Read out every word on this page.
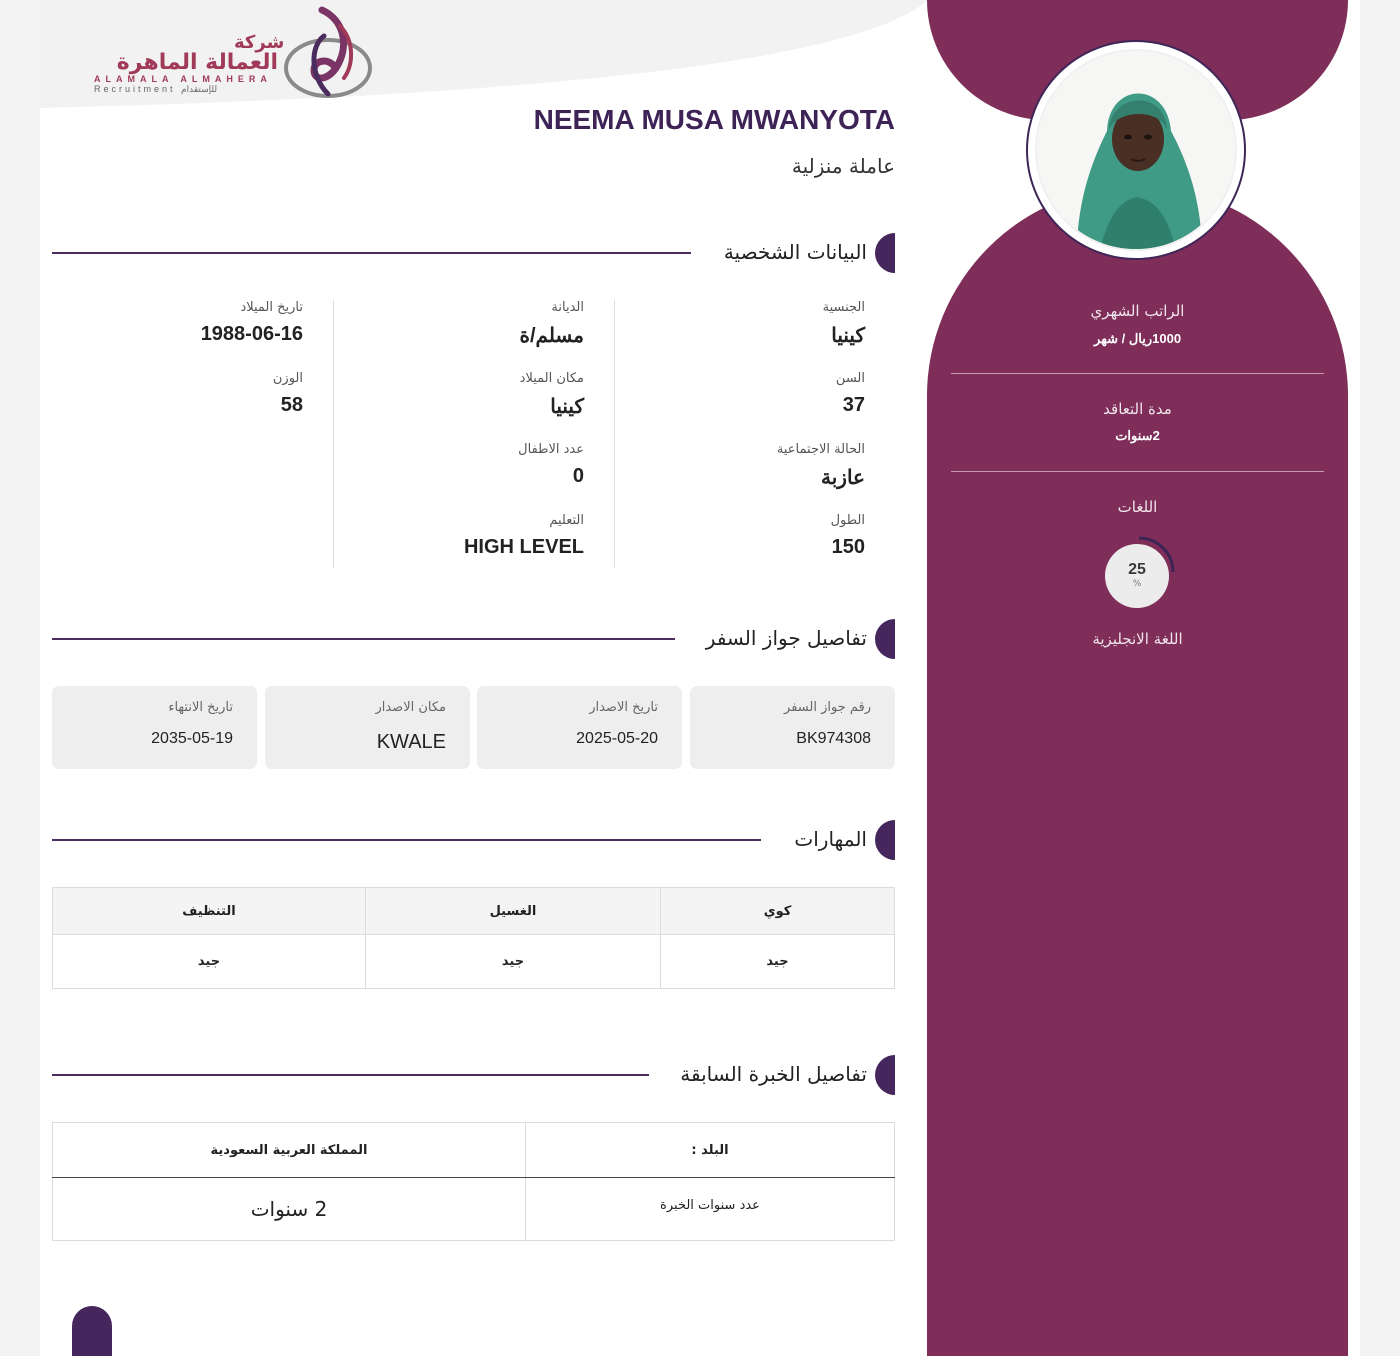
شركة
العمالة الماهرة
ALAMALA ALMAHERA
Recruitment للإستقدام
الراتب الشهري
1000ريال / شهر
مدة التعاقد
2سنوات
اللغات
25
%
اللغة الانجليزية
NEEMA MUSA MWANYOTA
عاملة منزلية
البيانات الشخصية
الجنسية
كينيا
السن
37
الحالة الاجتماعية
عازبة
الطول
150
الديانة
مسلم/ة
مكان الميلاد
كينيا
عدد الاطفال
0
التعليم
HIGH LEVEL
تاريخ الميلاد
1988-06-16
الوزن
58
تفاصيل جواز السفر
رقم جواز السفر
BK974308
تاريخ الاصدار
2025-05-20
مكان الاصدار
KWALE
تاريخ الانتهاء
2035-05-19
المهارات
كوي	الغسيل	التنظيف
جيد	جيد	جيد
تفاصيل الخبرة السابقة
البلد :	المملكة العربية السعودية
عدد سنوات الخبرة	2 سنوات
